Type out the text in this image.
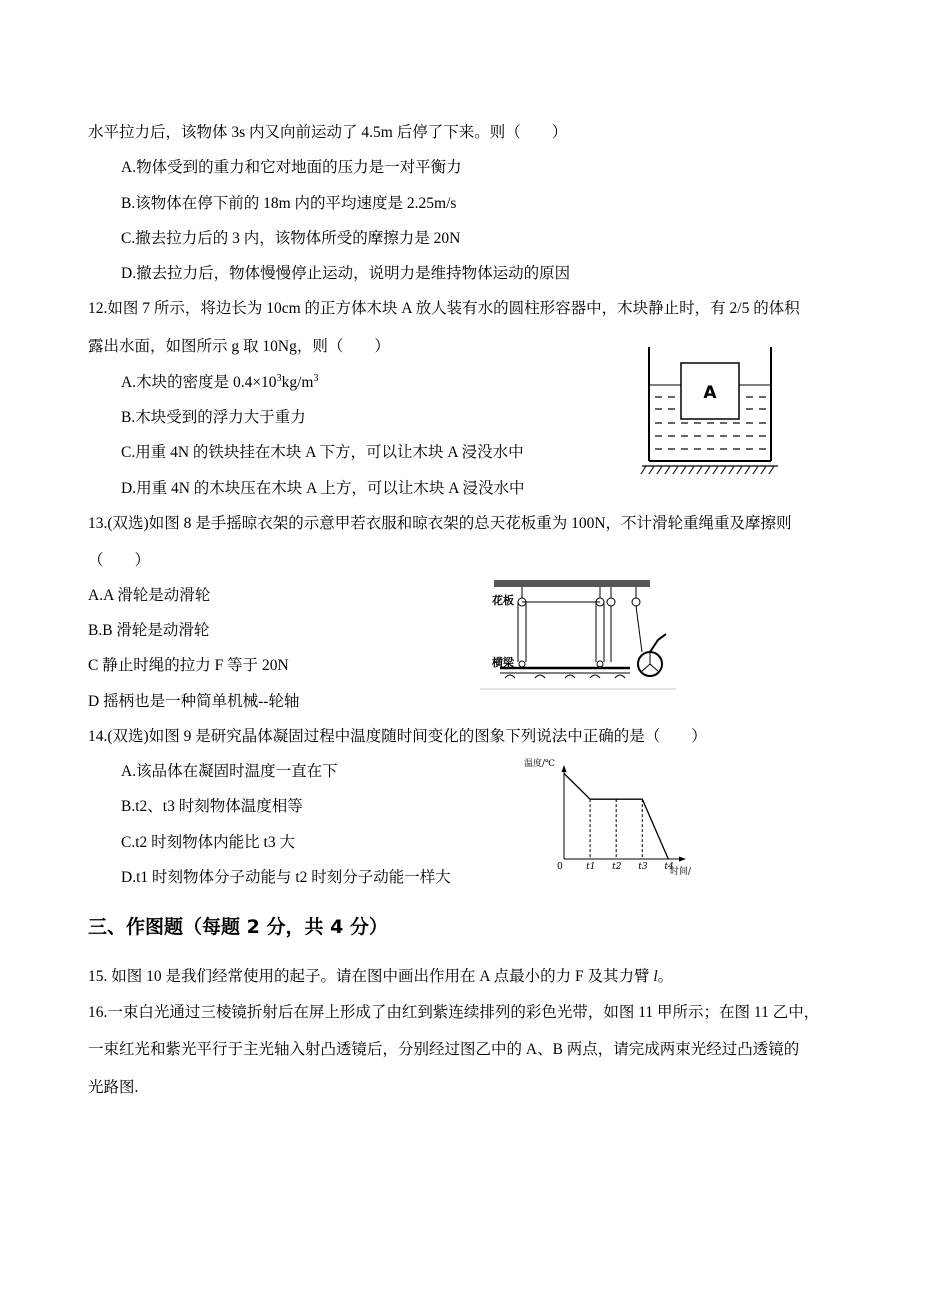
水平拉力后，该物体 3s 内又向前运动了 4.5m 后停了下来。则（　　）
A.物体受到的重力和它对地面的压力是一对平衡力
B.该物体在停下前的 18m 内的平均速度是 2.25m/s
C.撤去拉力后的 3 内，该物体所受的摩擦力是 20N
D.撤去拉力后，物体慢慢停止运动，说明力是维持物体运动的原因
12.如图 7 所示，将边长为 10cm 的正方体木块 A 放人装有水的圆柱形容器中，木块静止时，有 2/5 的体积
露出水面，如图所示 g 取 10Ng，则（　　）
A.木块的密度是 $0.4\times 10^3kg/m^3$
B.木块受到的浮力大于重力
C.用重 4N 的铁块挂在木块 A 下方，可以让木块 A 浸没水中
D.用重 4N 的木块压在木块 A 上方，可以让木块 A 浸没水中
A
13.(双选)如图 8 是手摇晾衣架的示意甲若衣服和晾衣架的总天花板重为 100N，不计滑轮重绳重及摩擦则
（　　）
A.A 滑轮是动滑轮
B.B 滑轮是动滑轮
C 静止时绳的拉力 F 等于 20N
D 摇柄也是一种简单机械--轮轴
花板
横梁
14.(双选)如图 9 是研究晶体凝固过程中温度随时间变化的图象下列说法中正确的是（　　）
A.该品体在凝固时温度一直在下
B.t2、t3 时刻物体温度相等
C.t2 时刻物体内能比 t3 大
D.t1 时刻物体分子动能与 t2 时刻分子动能一样大
温度/℃
时间/
0	t1 t2 t3 t4
三、作图题（每题 2 分，共 4 分）
15. 如图 10 是我们经常使用的起子。请在图中画出作用在 A 点最小的力 F 及其力臂 l。
16.一束白光通过三棱镜折射后在屏上形成了由红到紫连续排列的彩色光带，如图 11 甲所示；在图 11 乙中，
一束红光和紫光平行于主光轴入射凸透镜后，分别经过图乙中的 A、B 两点，请完成两束光经过凸透镜的
光路图.
